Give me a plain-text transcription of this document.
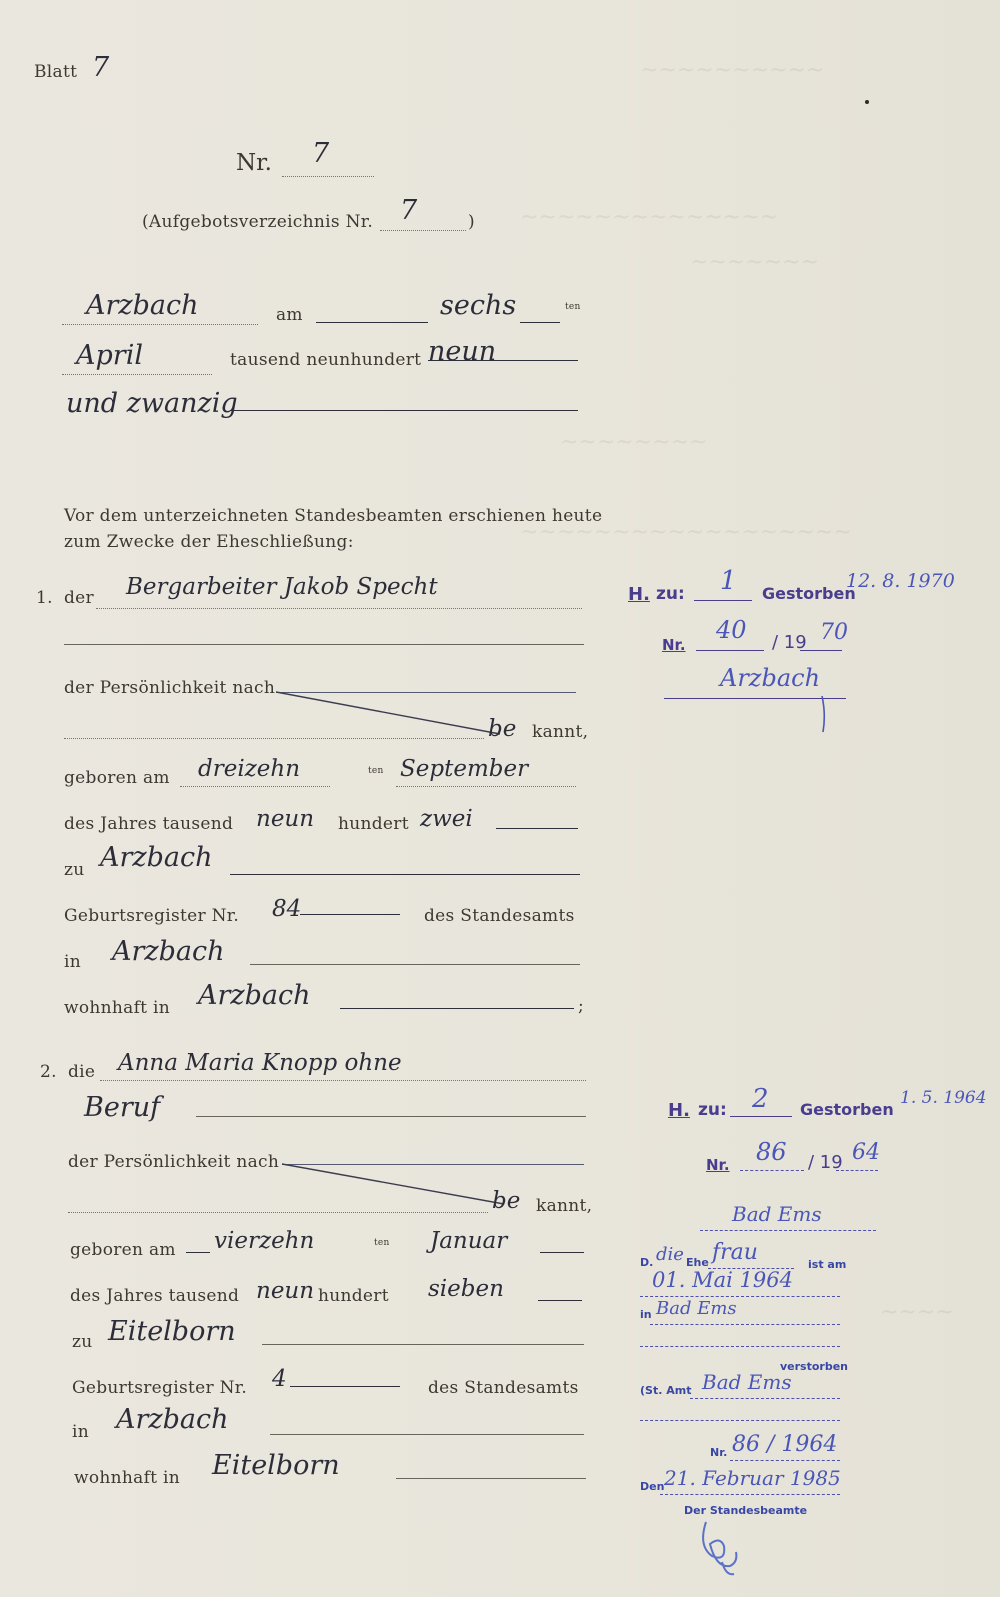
~~~~~~~~~~
~~~~~~~~~~~~~~
~~~~~~~
~~~~~~~~
~~~~~~~~~~~~~~~~~~
~~~~
Blatt 7
Nr. 7
(Aufgebotsverzeichnis Nr. 7	)
Arzbach	am	sechs	ten
April	tausend neunhundert neun
und zwanzig
Vor dem unterzeichneten Standesbeamten erschienen heute
zum Zwecke der Eheschließung:
1. der Bergarbeiter Jakob Specht
der Persönlichkeit nach
be kannt,
geboren am dreizehn	ten September
des Jahres tausend neun hundert zwei
zu Arzbach
Geburtsregister Nr. 84	des Standesamts
in Arzbach
wohnhaft in Arzbach	;
2. die Anna Maria Knopp ohne
Beruf
der Persönlichkeit nach
be kannt,
geboren am vierzehn	ten Januar
des Jahres tausend neun hundert sieben
zu Eitelborn
Geburtsregister Nr. 4	des Standesamts
in Arzbach
wohnhaft in Eitelborn
H. zu: 1 Gestorben
12. 8. 1970
Nr.
40 / 19 70
Arzbach
H. zu: 2 Gestorben
1. 5. 1964
Nr. 86 / 19 64
Bad Ems
D. die Ehe frau	ist am
01. Mai 1964
in Bad Ems
verstorben
(St. Amt Bad Ems
Nr. 86 / 1964
Den 21. Februar 1985
Der Standesbeamte
